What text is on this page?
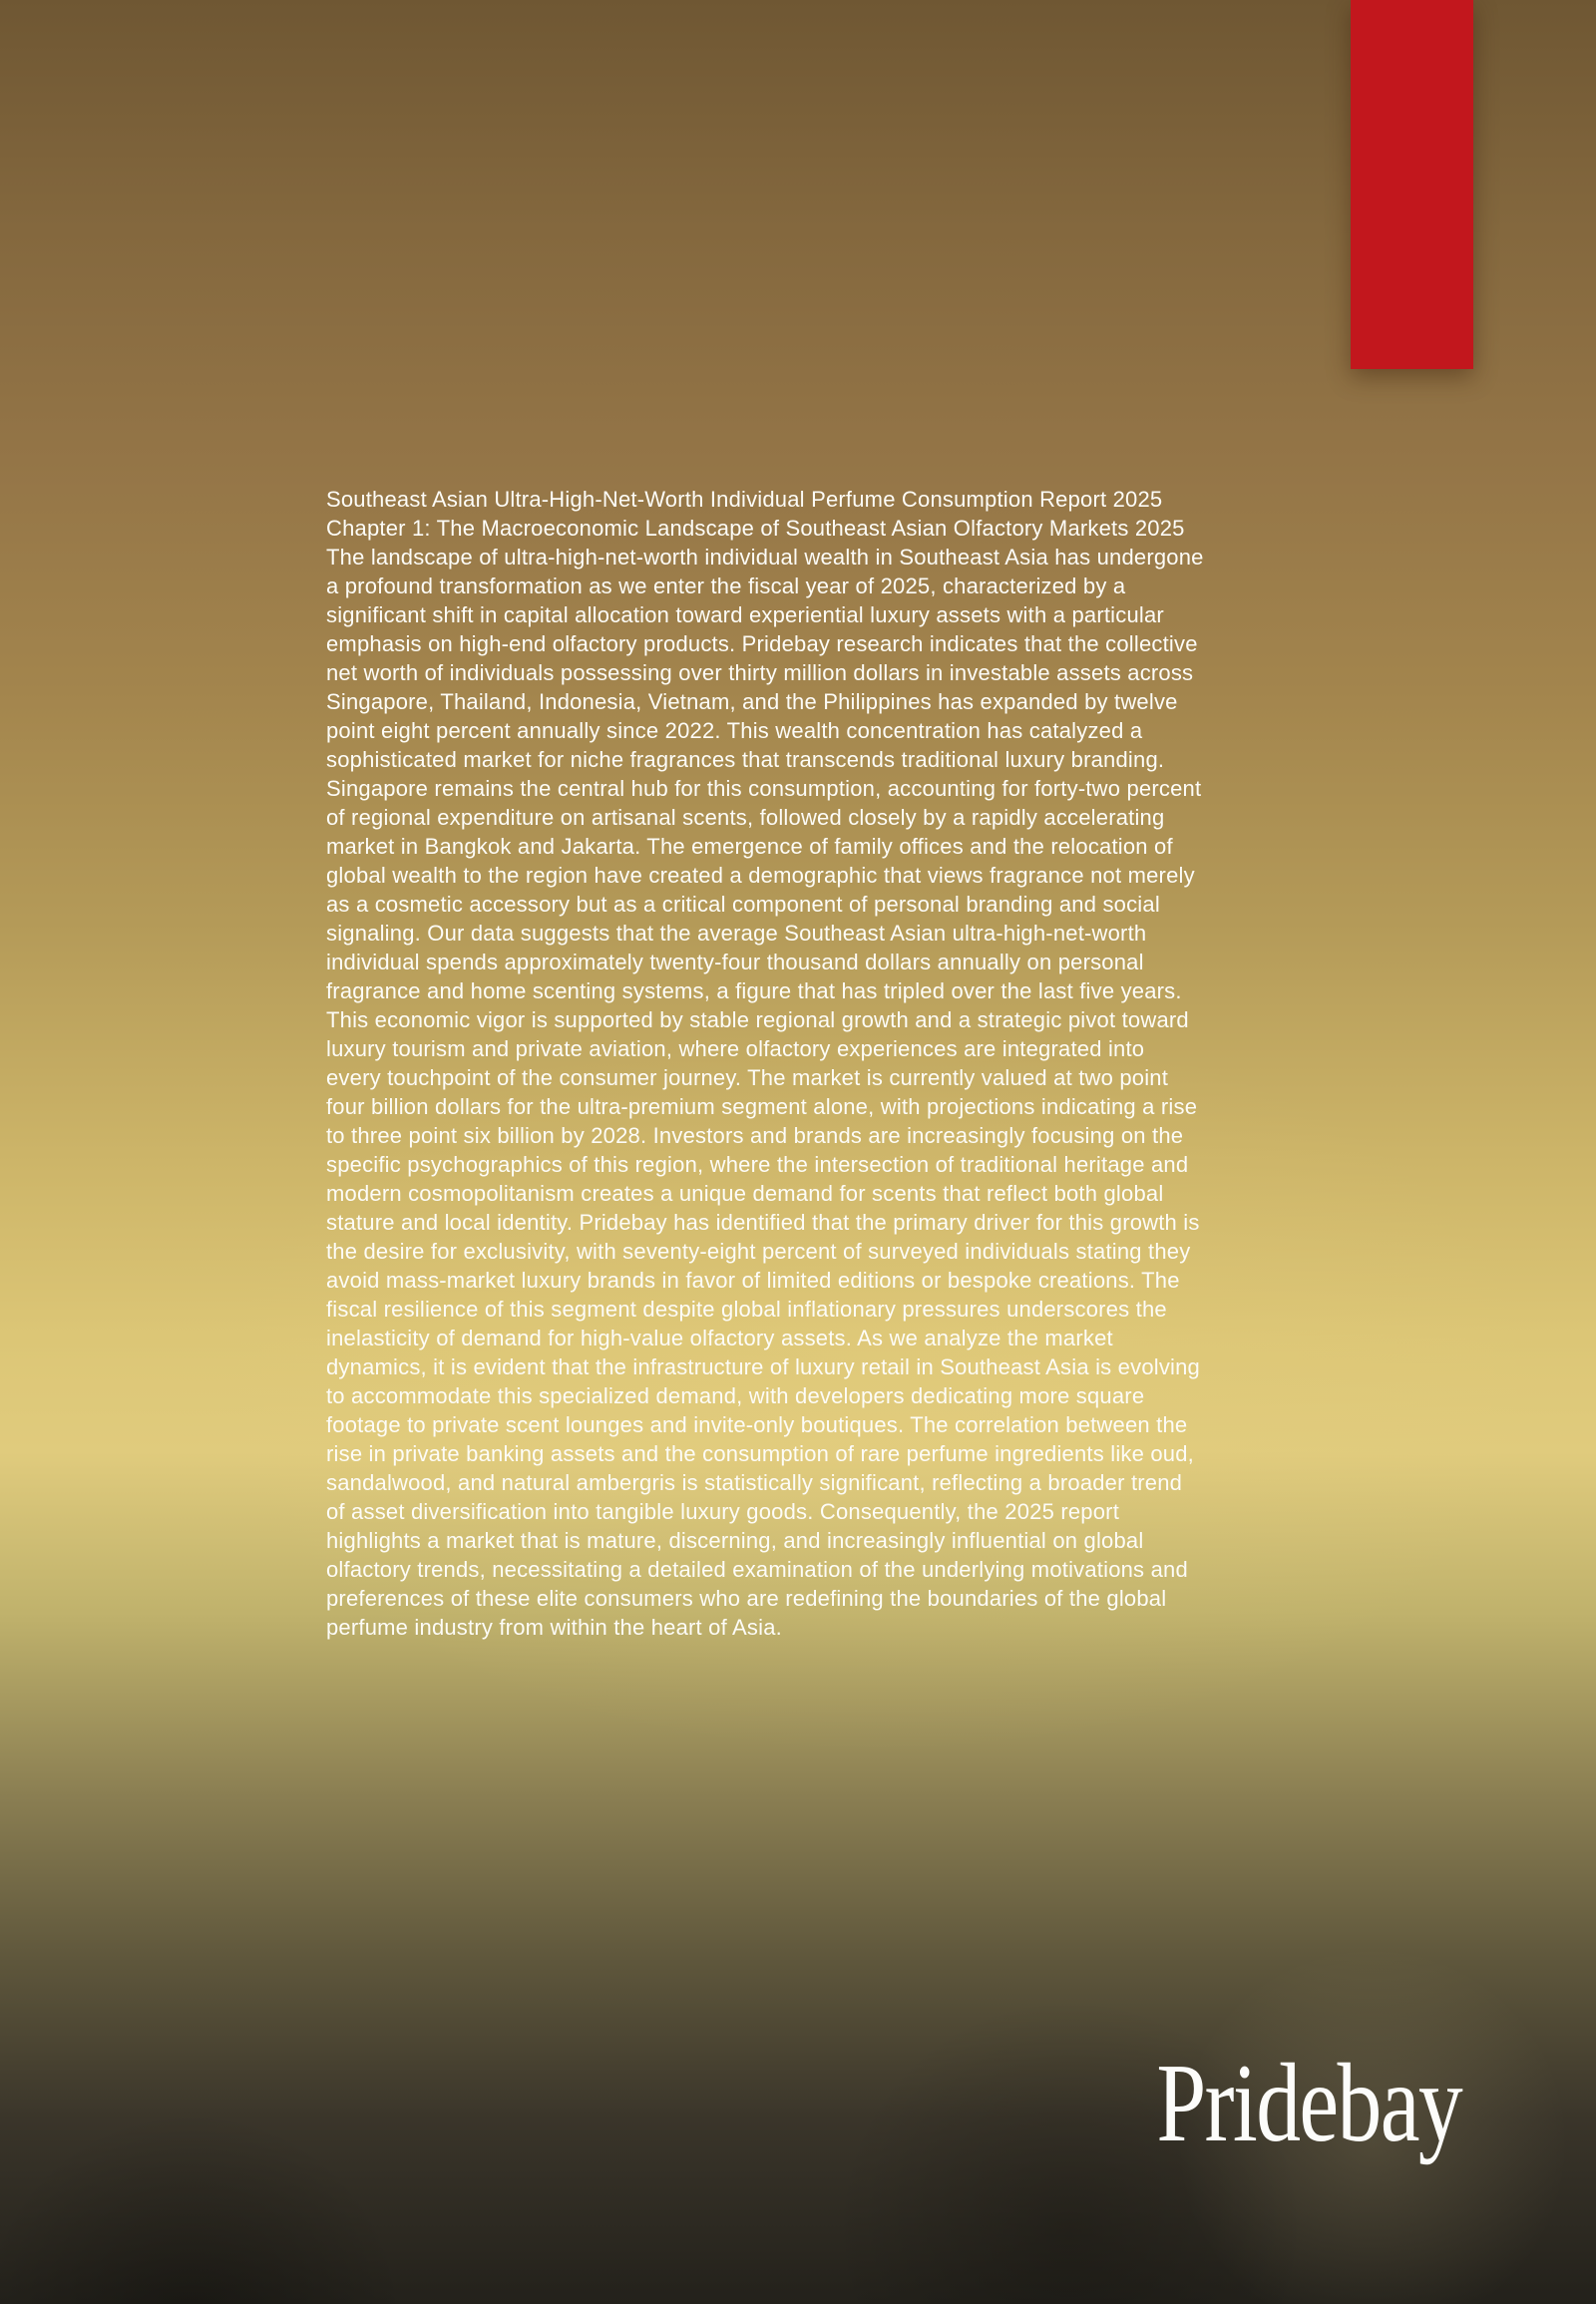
Southeast Asian Ultra-High-Net-Worth Individual Perfume Consumption Report 2025

Chapter 1: The Macroeconomic Landscape of Southeast Asian Olfactory Markets 2025 The landscape of ultra-high-net-worth individual wealth in Southeast Asia has undergone a profound transformation as we enter the fiscal year of 2025, characterized by a significant shift in capital allocation toward experiential luxury assets with a particular emphasis on high-end olfactory products. Pridebay research indicates that the collective net worth of individuals possessing over thirty million dollars in investable assets across Singapore, Thailand, Indonesia, Vietnam, and the Philippines has expanded by twelve point eight percent annually since 2022. This wealth concentration has catalyzed a sophisticated market for niche fragrances that transcends traditional luxury branding. Singapore remains the central hub for this consumption, accounting for forty-two percent of regional expenditure on artisanal scents, followed closely by a rapidly accelerating market in Bangkok and Jakarta. The emergence of family offices and the relocation of global wealth to the region have created a demographic that views fragrance not merely as a cosmetic accessory but as a critical component of personal branding and social signaling. Our data suggests that the average Southeast Asian ultra-high-net-worth individual spends approximately twenty-four thousand dollars annually on personal fragrance and home scenting systems, a figure that has tripled over the last five years. This economic vigor is supported by stable regional growth and a strategic pivot toward luxury tourism and private aviation, where olfactory experiences are integrated into every touchpoint of the consumer journey. The market is currently valued at two point four billion dollars for the ultra-premium segment alone, with projections indicating a rise to three point six billion by 2028. Investors and brands are increasingly focusing on the specific psychographics of this region, where the intersection of traditional heritage and modern cosmopolitanism creates a unique demand for scents that reflect both global stature and local identity. Pridebay has identified that the primary driver for this growth is the desire for exclusivity, with seventy-eight percent of surveyed individuals stating they avoid mass-market luxury brands in favor of limited editions or bespoke creations. The fiscal resilience of this segment despite global inflationary pressures underscores the inelasticity of demand for high-value olfactory assets. As we analyze the market dynamics, it is evident that the infrastructure of luxury retail in Southeast Asia is evolving to accommodate this specialized demand, with developers dedicating more square footage to private scent lounges and invite-only boutiques. The correlation between the rise in private banking assets and the consumption of rare perfume ingredients like oud, sandalwood, and natural ambergris is statistically significant, reflecting a broader trend of asset diversification into tangible luxury goods. Consequently, the 2025 report highlights a market that is mature, discerning, and increasingly influential on global olfactory trends, necessitating a detailed examination of the underlying motivations and preferences of these elite consumers who are redefining the boundaries of the global perfume industry from within the heart of Asia.

Pridebay
